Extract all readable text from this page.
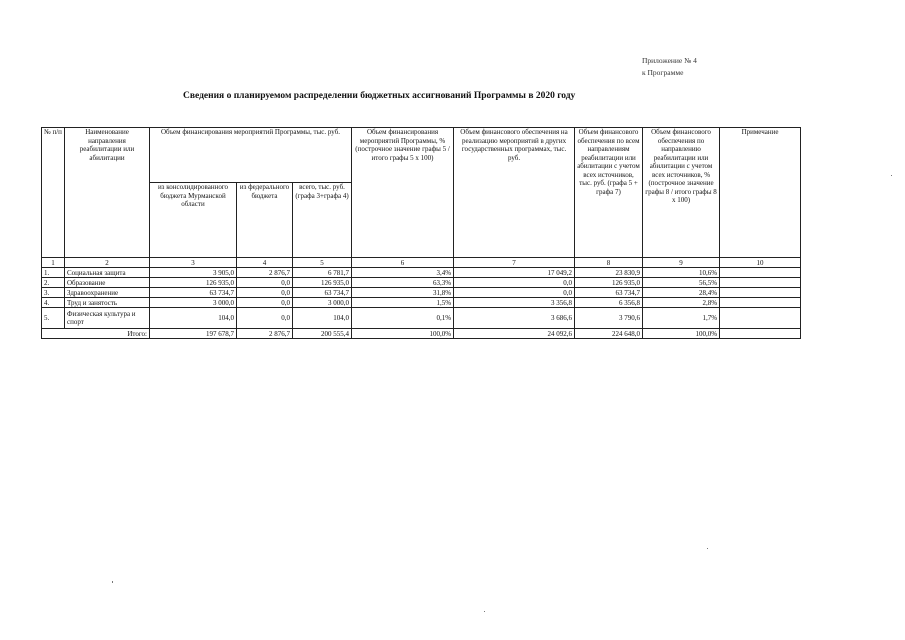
Приложение № 4
к Программе
Сведения о планируемом распределении бюджетных ассигнований Программы в 2020 году
№ п/п	Наименование направления реабилитации или абилитации	Объем финансирования мероприятий Программы, тыс. руб.			Объем финансирования мероприятий Программы, % (построчное значение графы 5 / итого графы 5 х 100)	Объем финансового обеспечения на реализацию мероприятий в других государственных программах, тыс. руб.	Объем финансового обеспечения по всем направлениям реабилитации или абилитации с учетом всех источников, тыс. руб. (графа 5 + графа 7)	Объем финансового обеспечения по направлению реабилитации или абилитации с учетом всех источников, % (построчное значение графы 8 / итого графы 8 х 100)	Примечание
		из консолидированного бюджета Мурманской области	из федерального бюджета	всего, тыс. руб. (графа 3+графа 4)					
1	2	3	4	5	6	7	8	9	10
1.	Социальная защита	3 905,0	2 876,7	6 781,7	3,4%	17 049,2	23 830,9	10,6%	
2.	Образование	126 935,0	0,0	126 935,0	63,3%	0,0	126 935,0	56,5%	
3.	Здравоохранение	63 734,7	0,0	63 734,7	31,8%	0,0	63 734,7	28,4%	
4.	Труд и занятость	3 000,0	0,0	3 000,0	1,5%	3 356,8	6 356,8	2,8%	
5.	Физическая культура и спорт	104,0	0,0	104,0	0,1%	3 686,6	3 790,6	1,7%	
Итого:		197 678,7	2 876,7	200 555,4	100,0%	24 092,6	224 648,0	100,0%	
